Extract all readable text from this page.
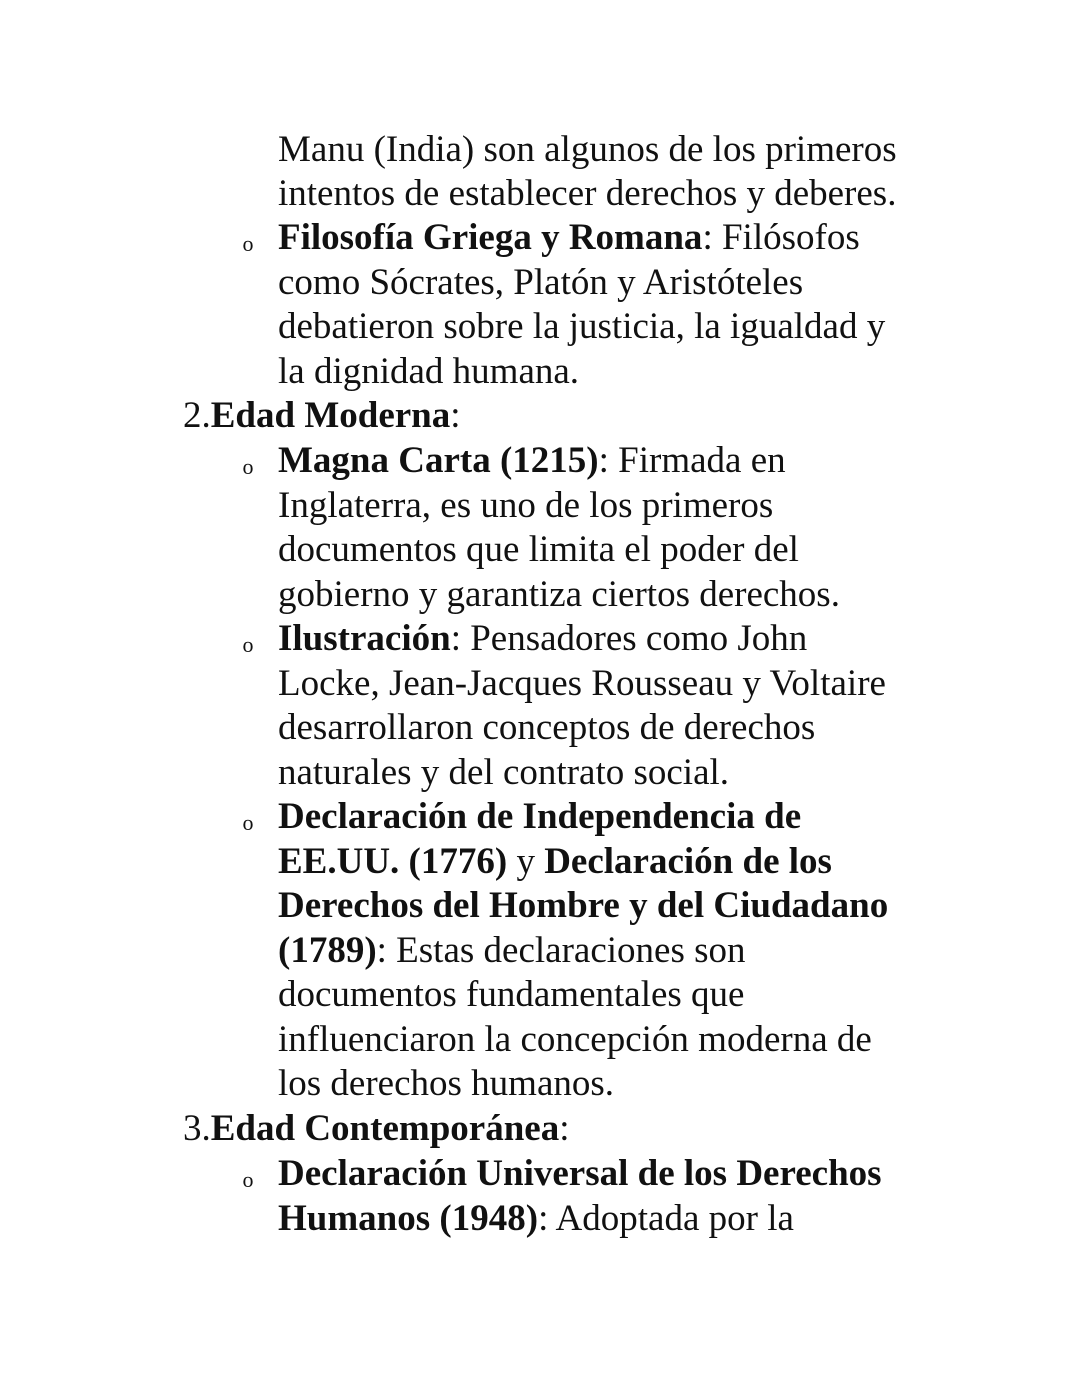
Manu (India) son algunos de los primeros
intentos de establecer derechos y deberes.
o Filosofía Griega y Romana: Filósofos
como Sócrates, Platón y Aristóteles
debatieron sobre la justicia, la igualdad y
la dignidad humana.
2.Edad Moderna:
o Magna Carta (1215): Firmada en
Inglaterra, es uno de los primeros
documentos que limita el poder del
gobierno y garantiza ciertos derechos.
o Ilustración: Pensadores como John
Locke, Jean-Jacques Rousseau y Voltaire
desarrollaron conceptos de derechos
naturales y del contrato social.
o Declaración de Independencia de
EE.UU. (1776) y Declaración de los
Derechos del Hombre y del Ciudadano
(1789): Estas declaraciones son
documentos fundamentales que
influenciaron la concepción moderna de
los derechos humanos.
3.Edad Contemporánea:
o Declaración Universal de los Derechos
Humanos (1948): Adoptada por la
